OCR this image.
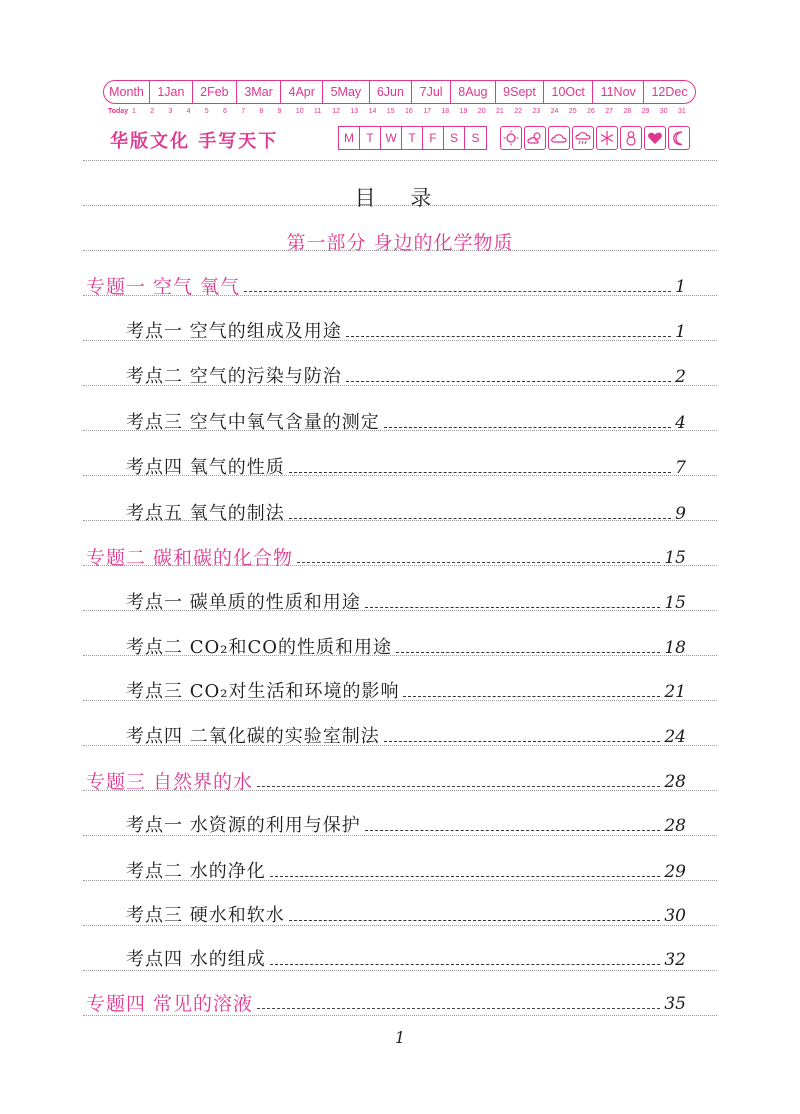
Month	1Jan	2Feb	3Mar	4Apr	5May	6Jun	7Jul	8Aug	9Sept	10Oct	11Nov	12Dec
Today 1 2 3 4 5 6 7 8 9 10 11 12 13 14 15 16 17 18 19 20 21 22 23 24 25 26 27 28 29 30 31
华版文化 手写天下	M	T W T	F	S	S
目 录
第一部分 身边的化学物质
专题一 空气 氧气	1
考点一 空气的组成及用途	1
考点二 空气的污染与防治	2
考点三 空气中氧气含量的测定	4
考点四 氧气的性质	7
考点五 氧气的制法	9
专题二 碳和碳的化合物	15
考点一 碳单质的性质和用途	15
考点二 CO₂和CO的性质和用途	18
考点三 CO₂对生活和环境的影响	21
考点四 二氧化碳的实验室制法	24
专题三 自然界的水	28
考点一 水资源的利用与保护	28
考点二 水的净化	29
考点三 硬水和软水	30
考点四 水的组成	32
专题四 常见的溶液	35
1
